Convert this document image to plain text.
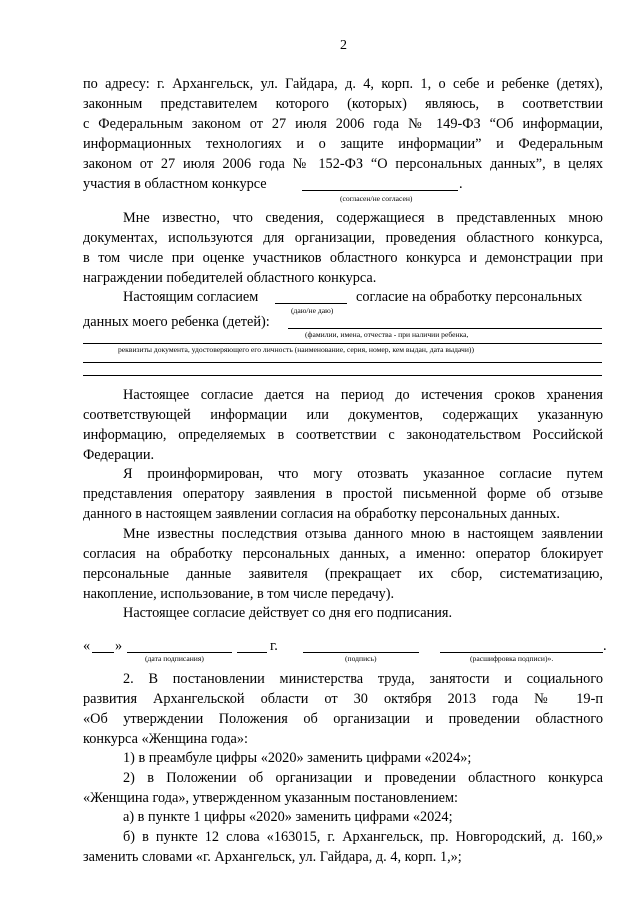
2
по адресу: г. Архангельск, ул. Гайдара, д. 4, корп. 1, о себе и ребенке (детях),
законным представителем которого (которых) являюсь, в соответствии
с Федеральным законом от 27 июля 2006 года № 149-ФЗ “Об информации,
информационных технологиях и о защите информации” и Федеральным
законом от 27 июля 2006 года № 152-ФЗ “О персональных данных”, в целях
участия в областном конкурсе	.
(согласен/не согласен)
Мне известно, что сведения, содержащиеся в представленных мною
документах, используются для организации, проведения областного конкурса,
в том числе при оценке участников областного конкурса и демонстрации при
награждении победителей областного конкурса.
Настоящим согласием	согласие на обработку персональных
(даю/не даю)
данных моего ребенка (детей):
(фамилии, имена, отчества - при наличии ребенка,
реквизиты документа, удостоверяющего его личность (наименование, серия, номер, кем выдан, дата выдачи))
Настоящее согласие дается на период до истечения сроков хранения
соответствующей информации или документов, содержащих указанную
информацию, определяемых в соответствии с законодательством Российской
Федерации.
Я проинформирован, что могу отозвать указанное согласие путем
представления оператору заявления в простой письменной форме об отзыве
данного в настоящем заявлении согласия на обработку персональных данных.
Мне известны последствия отзыва данного мною в настоящем заявлении
согласия на обработку персональных данных, а именно: оператор блокирует
персональные данные заявителя (прекращает их сбор, систематизацию,
накопление, использование, в том числе передачу).
Настоящее согласие действует со дня его подписания.
« »	г.	.
(дата подписания)	(подпись)	(расшифровка подписи)».
2. В постановлении министерства труда, занятости и социального
развития Архангельской области от 30 октября 2013 года № 19-п
«Об утверждении Положения об организации и проведении областного
конкурса «Женщина года»:
1) в преамбуле цифры «2020» заменить цифрами «2024»;
2) в Положении об организации и проведении областного конкурса
«Женщина года», утвержденном указанным постановлением:
а) в пункте 1 цифры «2020» заменить цифрами «2024;
б) в пункте 12 слова «163015, г. Архангельск, пр. Новгородский, д. 160,»
заменить словами «г. Архангельск, ул. Гайдара, д. 4, корп. 1,»;
